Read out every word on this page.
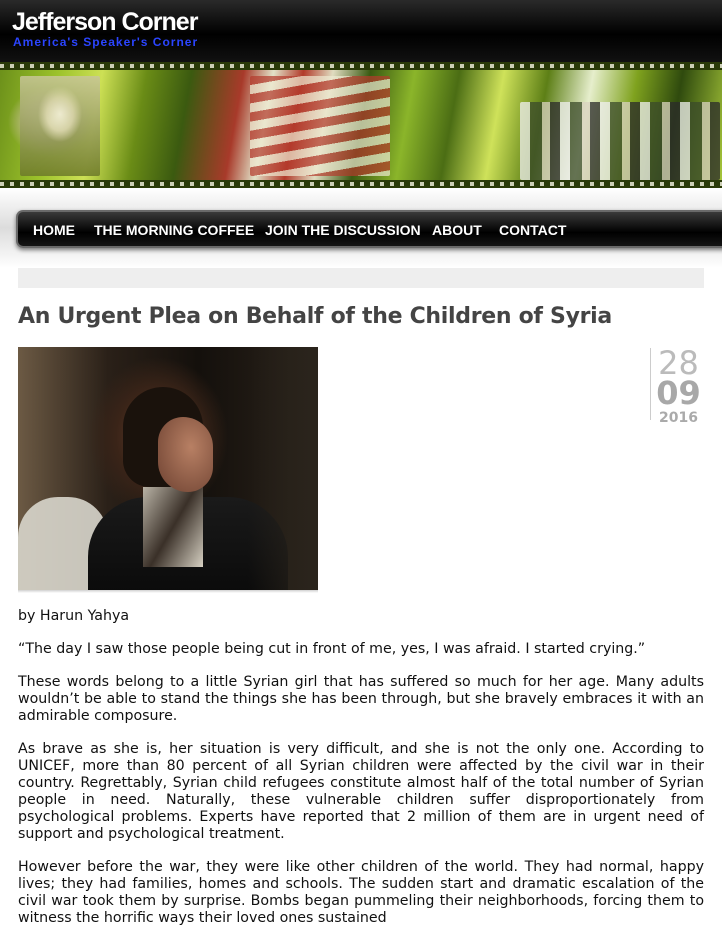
Jefferson Corner
America's Speaker's Corner
HOME THE MORNING COFFEE JOIN THE DISCUSSION ABOUT CONTACT
An Urgent Plea on Behalf of the Children of Syria
28
09
2016

by Harun Yahya

“The day I saw those people being cut in front of me, yes, I was afraid. I started crying.”

These words belong to a little Syrian girl that has suffered so much for her age. Many adults wouldn’t be able to stand the things she has been through, but she bravely embraces it with an admirable composure.

As brave as she is, her situation is very difficult, and she is not the only one. According to UNICEF, more than 80 percent of all Syrian children were affected by the civil war in their country. Regrettably, Syrian child refugees constitute almost half of the total number of Syrian people in need. Naturally, these vulnerable children suffer disproportionately from psychological problems. Experts have reported that 2 million of them are in urgent need of support and psychological treatment.

However before the war, they were like other children of the world. They had normal, happy lives; they had families, homes and schools. The sudden start and dramatic escalation of the civil war took them by surprise. Bombs began pummeling their neighborhoods, forcing them to witness the horrific ways their loved ones sustained
